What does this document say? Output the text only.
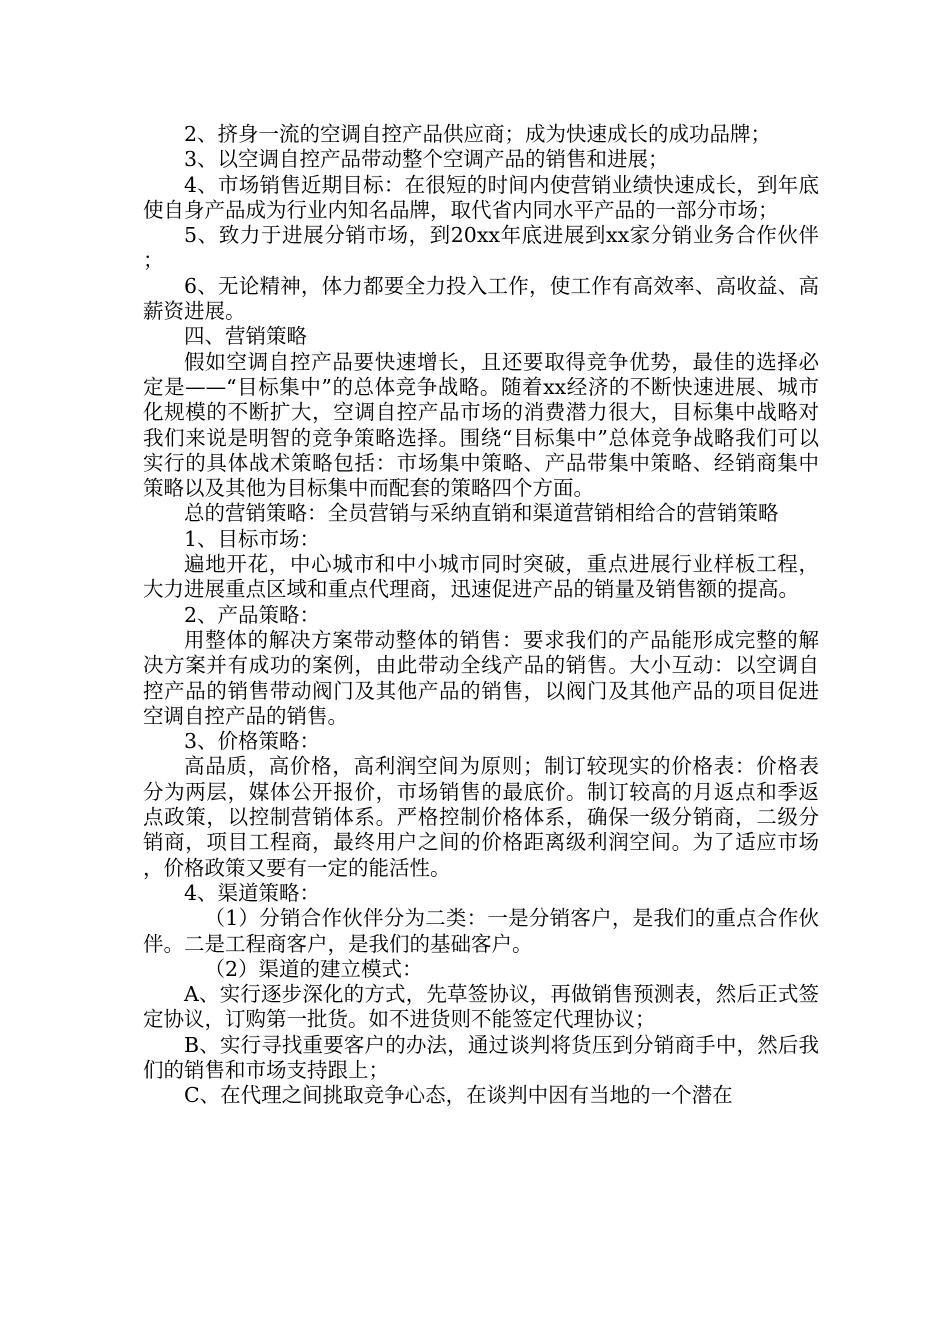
2、挤身一流的空调自控产品供应商；成为快速成长的成功品牌；

3、以空调自控产品带动整个空调产品的销售和进展；

4、市场销售近期目标：在很短的时间内使营销业绩快速成长，到年底使自身产品成为行业内知名品牌，取代省内同水平产品的一部分市场；

5、致力于进展分销市场，到20xx年底进展到xx家分销业务合作伙伴；

6、无论精神，体力都要全力投入工作，使工作有高效率、高收益、高薪资进展。

四、营销策略

假如空调自控产品要快速增长，且还要取得竞争优势，最佳的选择必定是——“目标集中”的总体竞争战略。随着xx经济的不断快速进展、城市化规模的不断扩大，空调自控产品市场的消费潜力很大，目标集中战略对我们来说是明智的竞争策略选择。围绕“目标集中”总体竞争战略我们可以实行的具体战术策略包括：市场集中策略、产品带集中策略、经销商集中策略以及其他为目标集中而配套的策略四个方面。

总的营销策略：全员营销与采纳直销和渠道营销相给合的营销策略

1、目标市场：

遍地开花，中心城市和中小城市同时突破，重点进展行业样板工程，大力进展重点区域和重点代理商，迅速促进产品的销量及销售额的提高。

2、产品策略：

用整体的解决方案带动整体的销售：要求我们的产品能形成完整的解决方案并有成功的案例，由此带动全线产品的销售。大小互动：以空调自控产品的销售带动阀门及其他产品的销售，以阀门及其他产品的项目促进空调自控产品的销售。

3、价格策略：

高品质，高价格，高利润空间为原则；制订较现实的价格表：价格表分为两层，媒体公开报价，市场销售的最底价。制订较高的月返点和季返点政策，以控制营销体系。严格控制价格体系，确保一级分销商，二级分销商，项目工程商，最终用户之间的价格距离级利润空间。为了适应市场，价格政策又要有一定的能活性。

4、渠道策略：

（1）分销合作伙伴分为二类：一是分销客户，是我们的重点合作伙伴。二是工程商客户，是我们的基础客户。

（2）渠道的建立模式：

A、实行逐步深化的方式，先草签协议，再做销售预测表，然后正式签定协议，订购第一批货。如不进货则不能签定代理协议；

B、实行寻找重要客户的办法，通过谈判将货压到分销商手中，然后我们的销售和市场支持跟上；

C、在代理之间挑取竞争心态，在谈判中因有当地的一个潜在
